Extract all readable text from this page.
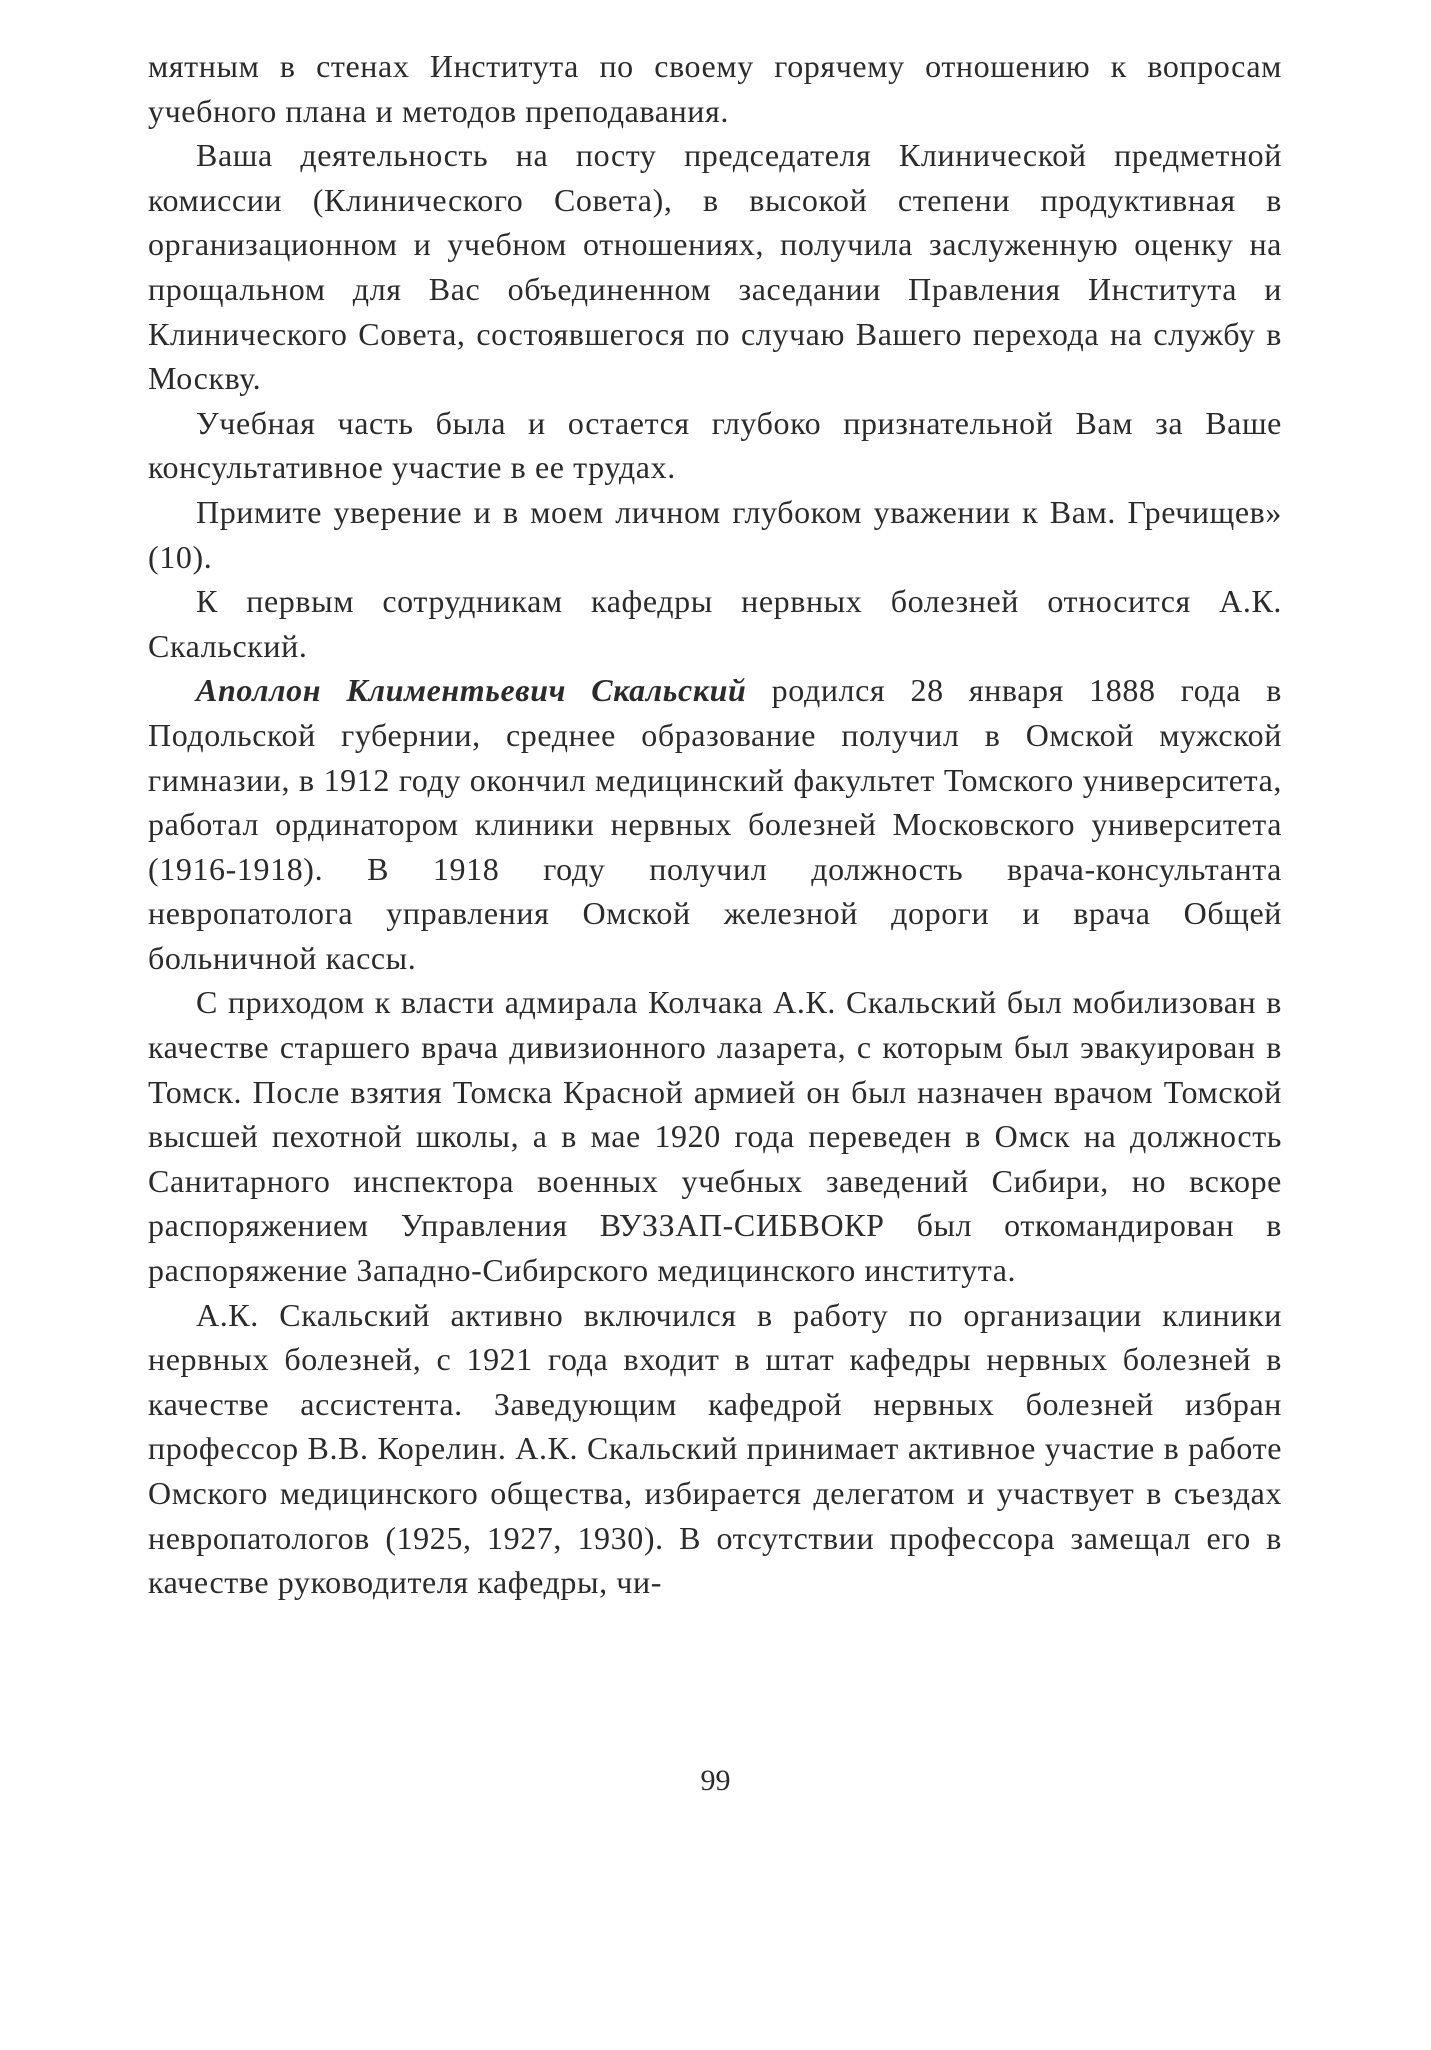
мятным в стенах Института по своему горячему отношению к вопросам учебного плана и методов преподавания.

Ваша деятельность на посту председателя Клинической предметной комиссии (Клинического Совета), в высокой степени продуктивная в организационном и учебном отношениях, получила заслуженную оценку на прощальном для Вас объединенном заседании Правления Института и Клинического Совета, состоявшегося по случаю Вашего перехода на службу в Москву.

Учебная часть была и остается глубоко признательной Вам за Ваше консультативное участие в ее трудах.

Примите уверение и в моем личном глубоком уважении к Вам. Гречищев» (10).

К первым сотрудникам кафедры нервных болезней относится А.К. Скальский.

Аполлон Климентьевич Скальский родился 28 января 1888 года в Подольской губернии, среднее образование получил в Омской мужской гимназии, в 1912 году окончил медицинский факультет Томского университета, работал ординатором клиники нервных болезней Московского университета (1916-1918). В 1918 году получил должность врача-консультанта невропатолога управления Омской железной дороги и врача Общей больничной кассы.

С приходом к власти адмирала Колчака А.К. Скальский был мобилизован в качестве старшего врача дивизионного лазарета, с которым был эвакуирован в Томск. После взятия Томска Красной армией он был назначен врачом Томской высшей пехотной школы, а в мае 1920 года переведен в Омск на должность Санитарного инспектора военных учебных заведений Сибири, но вскоре распоряжением Управления ВУЗЗАП-СИБВОКР был откомандирован в распоряжение Западно-Сибирского медицинского института.

А.К. Скальский активно включился в работу по организации клиники нервных болезней, с 1921 года входит в штат кафедры нервных болезней в качестве ассистента. Заведующим кафедрой нервных болезней избран профессор В.В. Корелин. А.К. Скальский принимает активное участие в работе Омского медицинского общества, избирается делегатом и участвует в съездах невропатологов (1925, 1927, 1930). В отсутствии профессора замещал его в качестве руководителя кафедры, чи-

99
